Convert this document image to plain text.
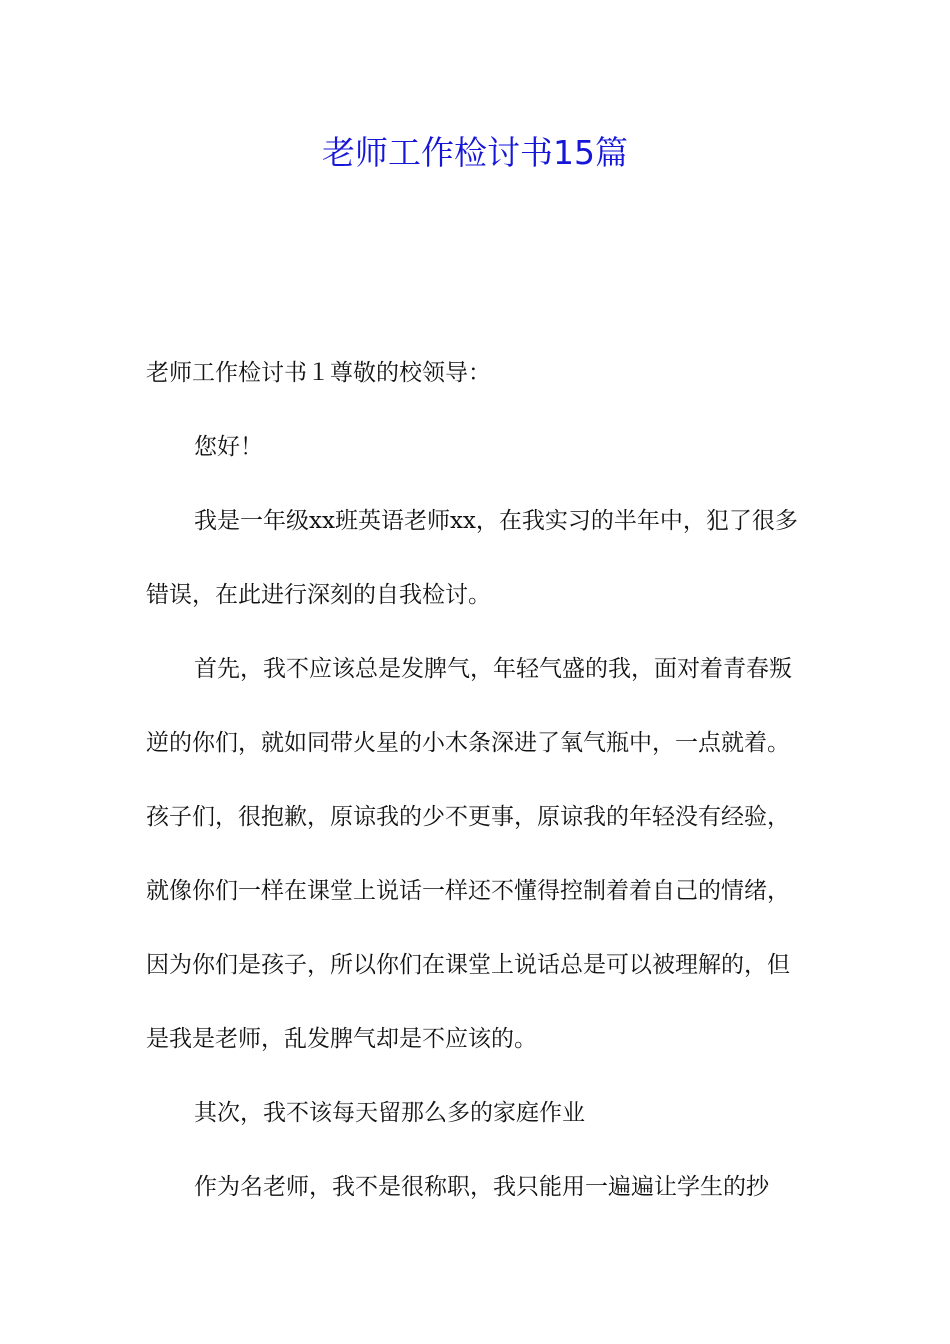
老师工作检讨书15篇

老师工作检讨书１尊敬的校领导：

您好！

我是一年级xx班英语老师xx，在我实习的半年中，犯了很多错误，在此进行深刻的自我检讨。

首先，我不应该总是发脾气，年轻气盛的我，面对着青春叛逆的你们，就如同带火星的小木条深进了氧气瓶中，一点就着。孩子们，很抱歉，原谅我的少不更事，原谅我的年轻没有经验，就像你们一样在课堂上说话一样还不懂得控制着着自己的情绪，因为你们是孩子，所以你们在课堂上说话总是可以被理解的，但是我是老师，乱发脾气却是不应该的。

其次，我不该每天留那么多的家庭作业

作为名老师，我不是很称职，我只能用一遍遍让学生的抄
